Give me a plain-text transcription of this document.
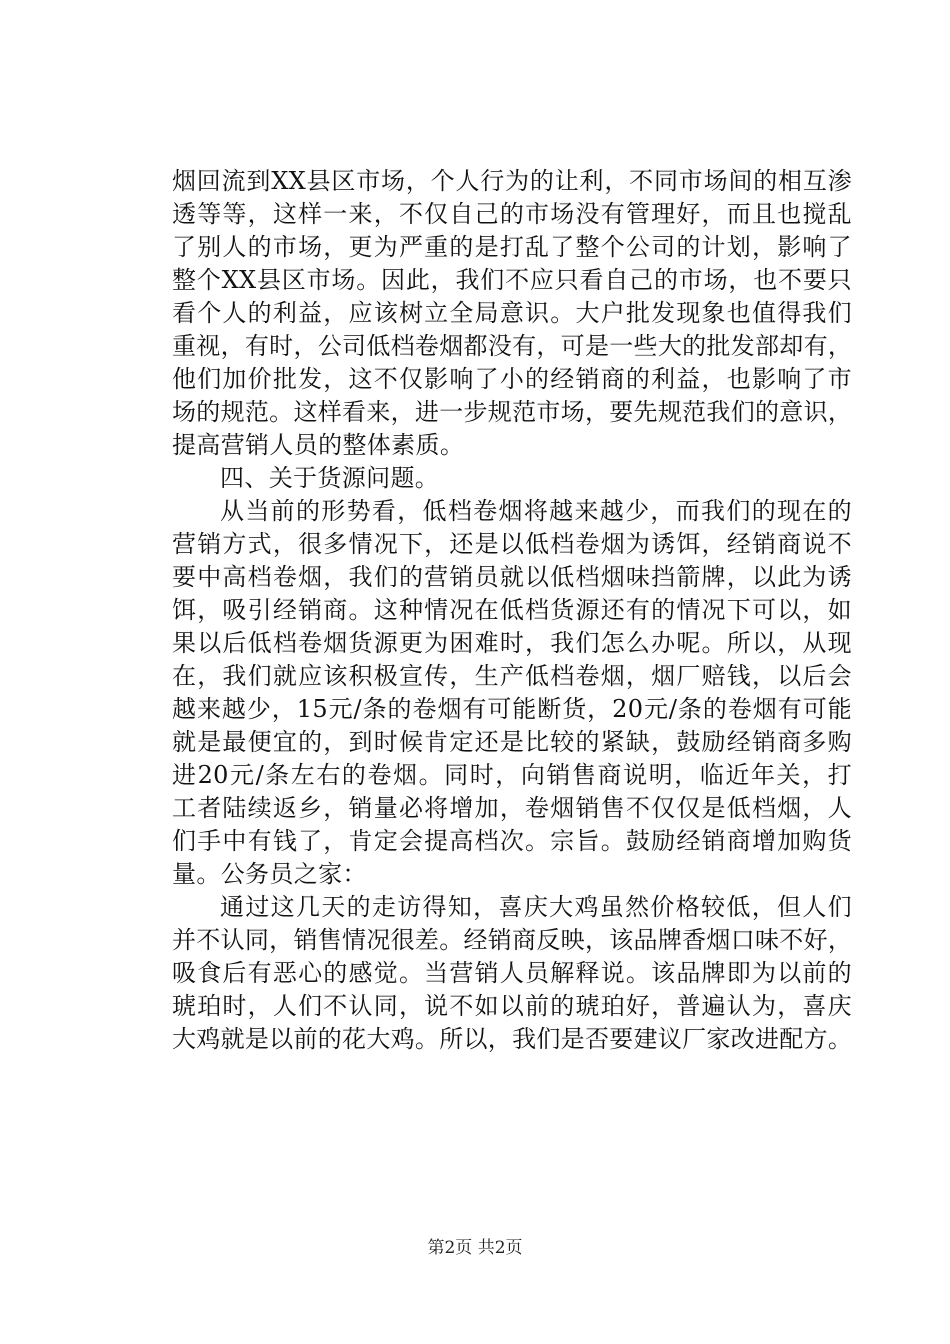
烟回流到XX县区市场，个人行为的让利，不同市场间的相互渗
透等等，这样一来，不仅自己的市场没有管理好，而且也搅乱
了别人的市场，更为严重的是打乱了整个公司的计划，影响了
整个XX县区市场。因此，我们不应只看自己的市场，也不要只
看个人的利益，应该树立全局意识。大户批发现象也值得我们
重视，有时，公司低档卷烟都没有，可是一些大的批发部却有，
他们加价批发，这不仅影响了小的经销商的利益，也影响了市
场的规范。这样看来，进一步规范市场，要先规范我们的意识，
提高营销人员的整体素质。
四、关于货源问题。
从当前的形势看，低档卷烟将越来越少，而我们的现在的
营销方式，很多情况下，还是以低档卷烟为诱饵，经销商说不
要中高档卷烟，我们的营销员就以低档烟味挡箭牌，以此为诱
饵，吸引经销商。这种情况在低档货源还有的情况下可以，如
果以后低档卷烟货源更为困难时，我们怎么办呢。所以，从现
在，我们就应该积极宣传，生产低档卷烟，烟厂赔钱，以后会
越来越少，15元/条的卷烟有可能断货，20元/条的卷烟有可能
就是最便宜的，到时候肯定还是比较的紧缺，鼓励经销商多购
进20元/条左右的卷烟。同时，向销售商说明，临近年关，打
工者陆续返乡，销量必将增加，卷烟销售不仅仅是低档烟，人
们手中有钱了，肯定会提高档次。宗旨。鼓励经销商增加购货
量。公务员之家：
通过这几天的走访得知，喜庆大鸡虽然价格较低，但人们
并不认同，销售情况很差。经销商反映，该品牌香烟口味不好，
吸食后有恶心的感觉。当营销人员解释说。该品牌即为以前的
琥珀时，人们不认同，说不如以前的琥珀好，普遍认为，喜庆
大鸡就是以前的花大鸡。所以，我们是否要建议厂家改进配方。
第2页 共2页
